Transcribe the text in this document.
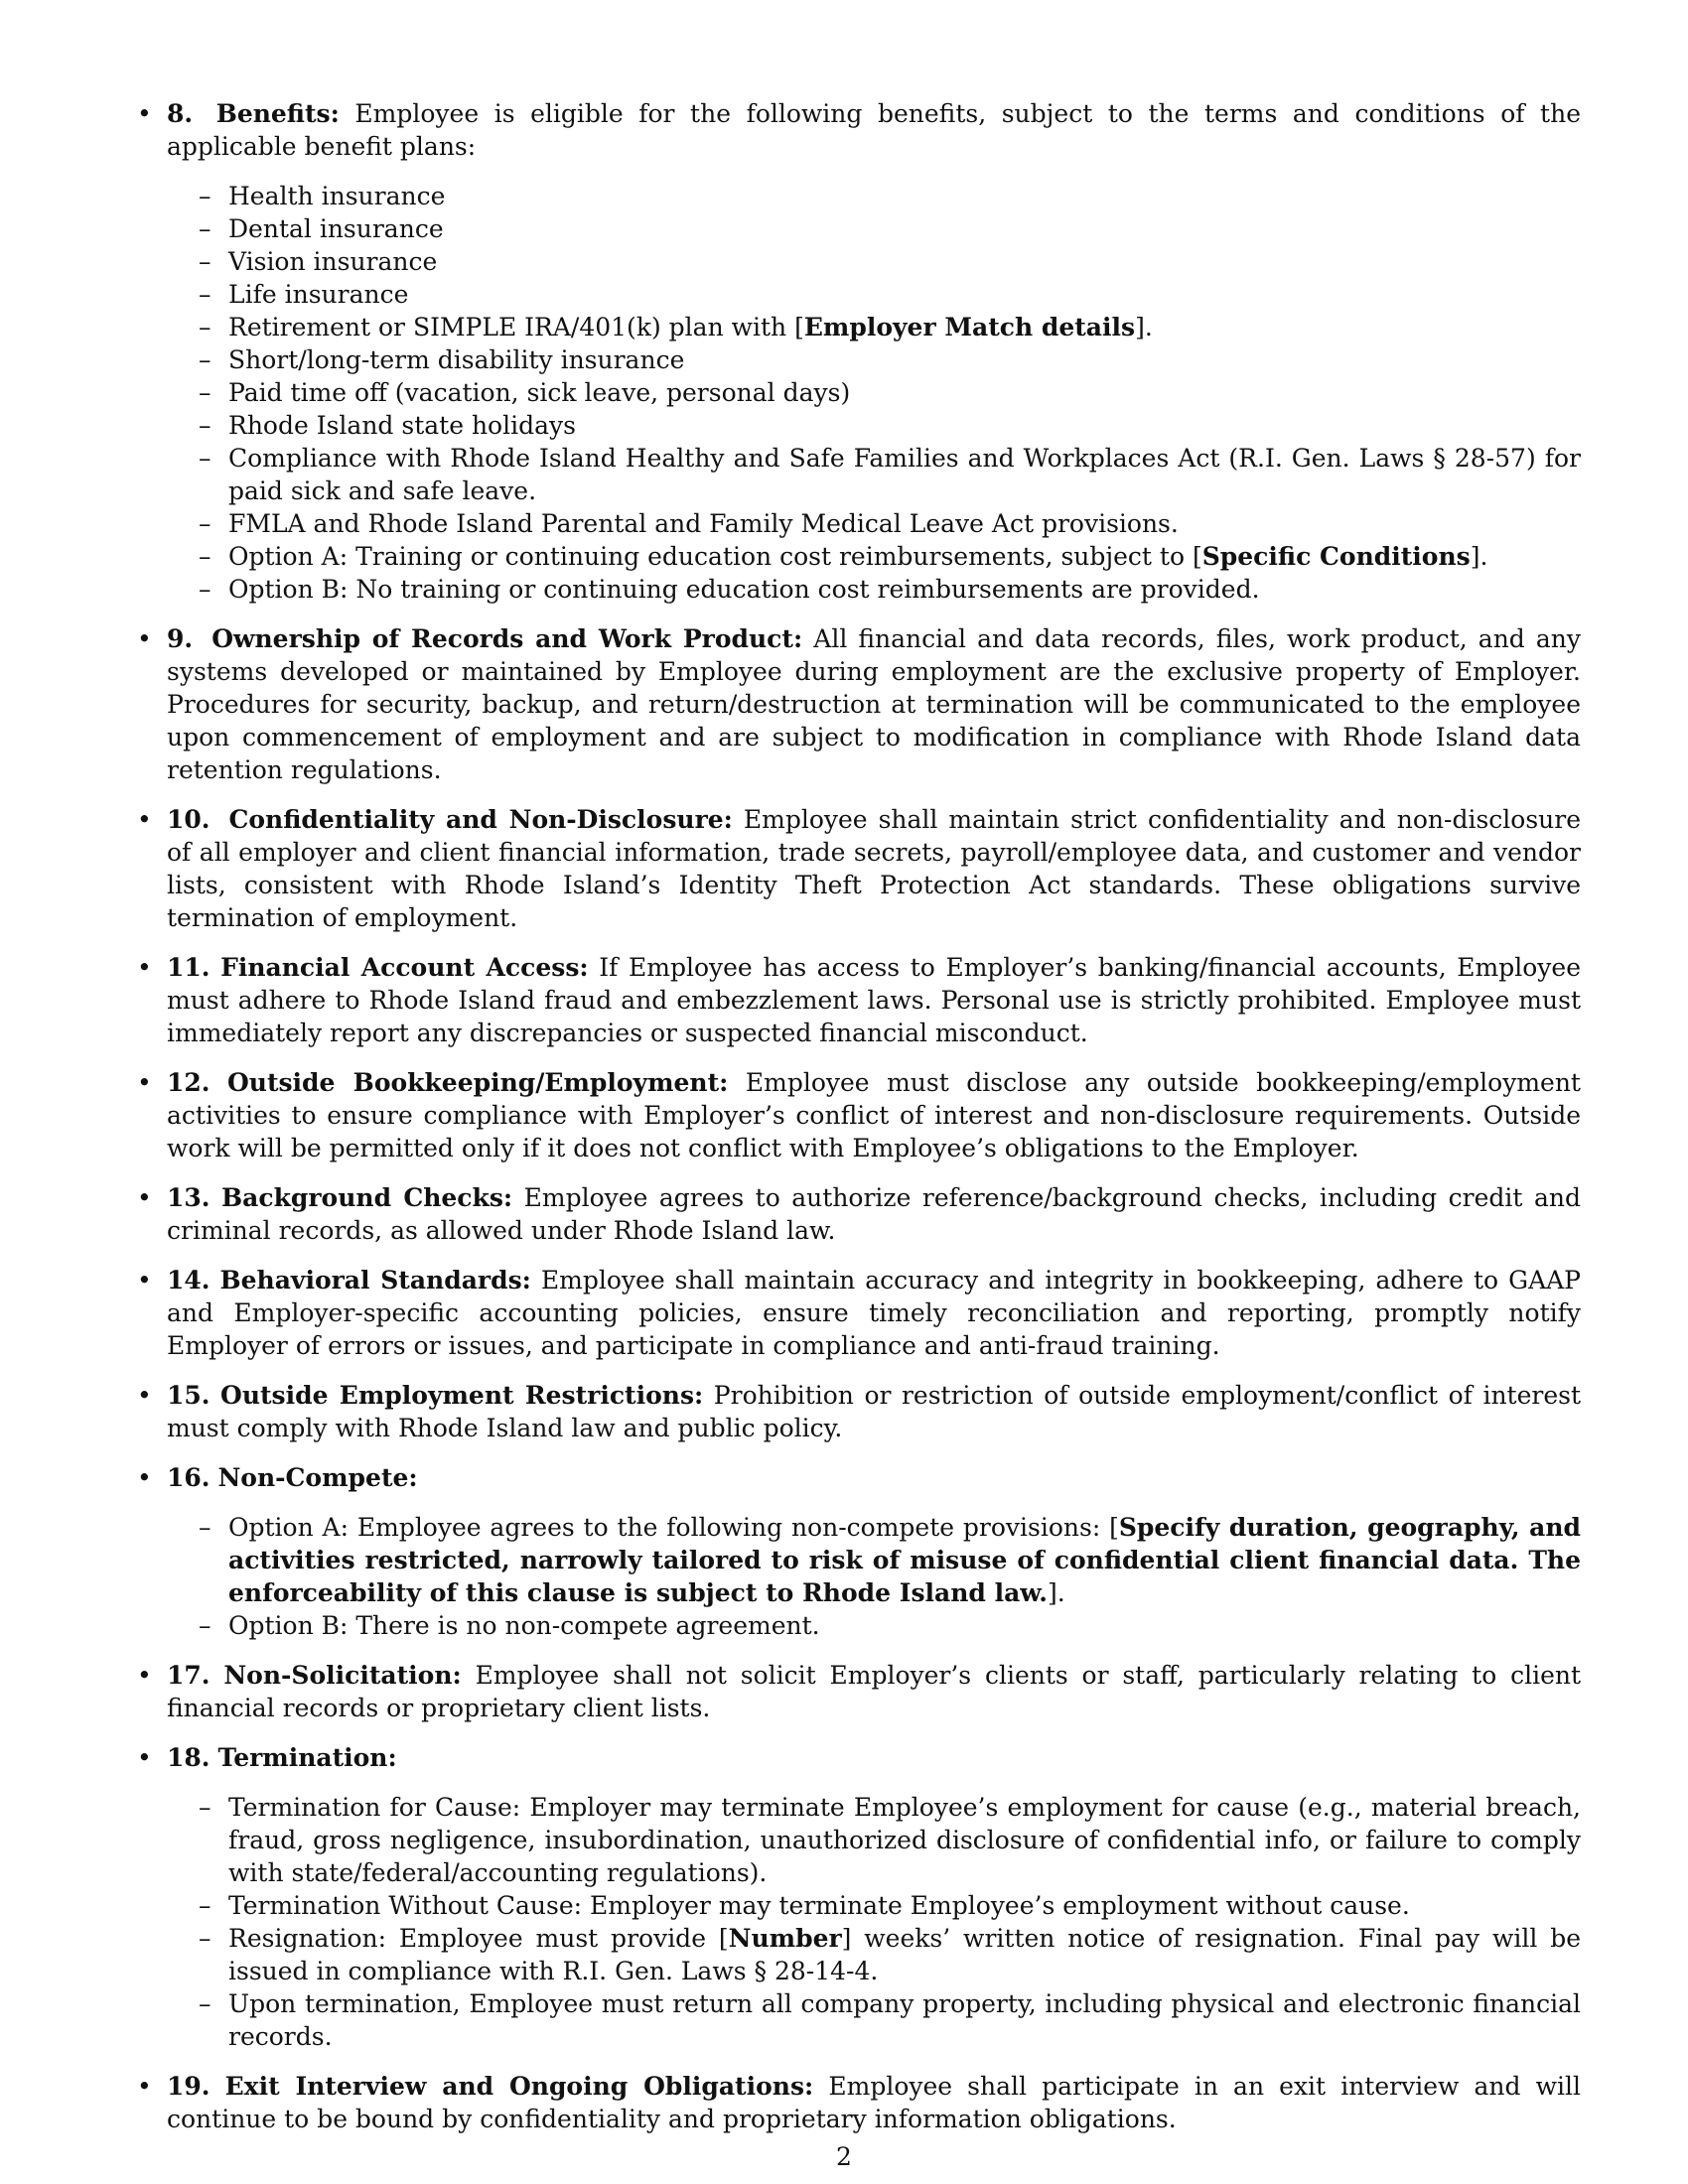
• 8. Benefits: Employee is eligible for the following benefits, subject to the terms and conditions of the applicable benefit plans:
– Health insurance
– Dental insurance
– Vision insurance
– Life insurance
– Retirement or SIMPLE IRA/401(k) plan with [Employer Match details].
– Short/long-term disability insurance
– Paid time off (vacation, sick leave, personal days)
– Rhode Island state holidays
– Compliance with Rhode Island Healthy and Safe Families and Workplaces Act (R.I. Gen. Laws § 28-57) for paid sick and safe leave.
– FMLA and Rhode Island Parental and Family Medical Leave Act provisions.
– Option A: Training or continuing education cost reimbursements, subject to [Specific Conditions].
– Option B: No training or continuing education cost reimbursements are provided.
• 9. Ownership of Records and Work Product: All financial and data records, files, work product, and any systems developed or maintained by Employee during employment are the exclusive property of Employer. Procedures for security, backup, and return/destruction at termination will be communicated to the employee upon commencement of employment and are subject to modification in compliance with Rhode Island data retention regulations.
• 10. Confidentiality and Non-Disclosure: Employee shall maintain strict confidentiality and non-disclosure of all employer and client financial information, trade secrets, payroll/employee data, and customer and vendor lists, consistent with Rhode Island’s Identity Theft Protection Act standards. These obligations survive termination of employment.
• 11. Financial Account Access: If Employee has access to Employer’s banking/financial accounts, Employee must adhere to Rhode Island fraud and embezzlement laws. Personal use is strictly prohibited. Employee must immediately report any discrepancies or suspected financial misconduct.
• 12. Outside Bookkeeping/Employment: Employee must disclose any outside bookkeeping/employment activities to ensure compliance with Employer’s conflict of interest and non-disclosure requirements. Outside work will be permitted only if it does not conflict with Employee’s obligations to the Employer.
• 13. Background Checks: Employee agrees to authorize reference/background checks, including credit and criminal records, as allowed under Rhode Island law.
• 14. Behavioral Standards: Employee shall maintain accuracy and integrity in bookkeeping, adhere to GAAP and Employer-specific accounting policies, ensure timely reconciliation and reporting, promptly notify Employer of errors or issues, and participate in compliance and anti-fraud training.
• 15. Outside Employment Restrictions: Prohibition or restriction of outside employment/conflict of interest must comply with Rhode Island law and public policy.
• 16. Non-Compete:
– Option A: Employee agrees to the following non-compete provisions: [Specify duration, geography, and activities restricted, narrowly tailored to risk of misuse of confidential client financial data. The enforceability of this clause is subject to Rhode Island law.].
– Option B: There is no non-compete agreement.
• 17. Non-Solicitation: Employee shall not solicit Employer’s clients or staff, particularly relating to client financial records or proprietary client lists.
• 18. Termination:
– Termination for Cause: Employer may terminate Employee’s employment for cause (e.g., material breach, fraud, gross negligence, insubordination, unauthorized disclosure of confidential info, or failure to comply with state/federal/accounting regulations).
– Termination Without Cause: Employer may terminate Employee’s employment without cause.
– Resignation: Employee must provide [Number] weeks’ written notice of resignation. Final pay will be issued in compliance with R.I. Gen. Laws § 28-14-4.
– Upon termination, Employee must return all company property, including physical and electronic financial records.
• 19. Exit Interview and Ongoing Obligations: Employee shall participate in an exit interview and will continue to be bound by confidentiality and proprietary information obligations.
2
